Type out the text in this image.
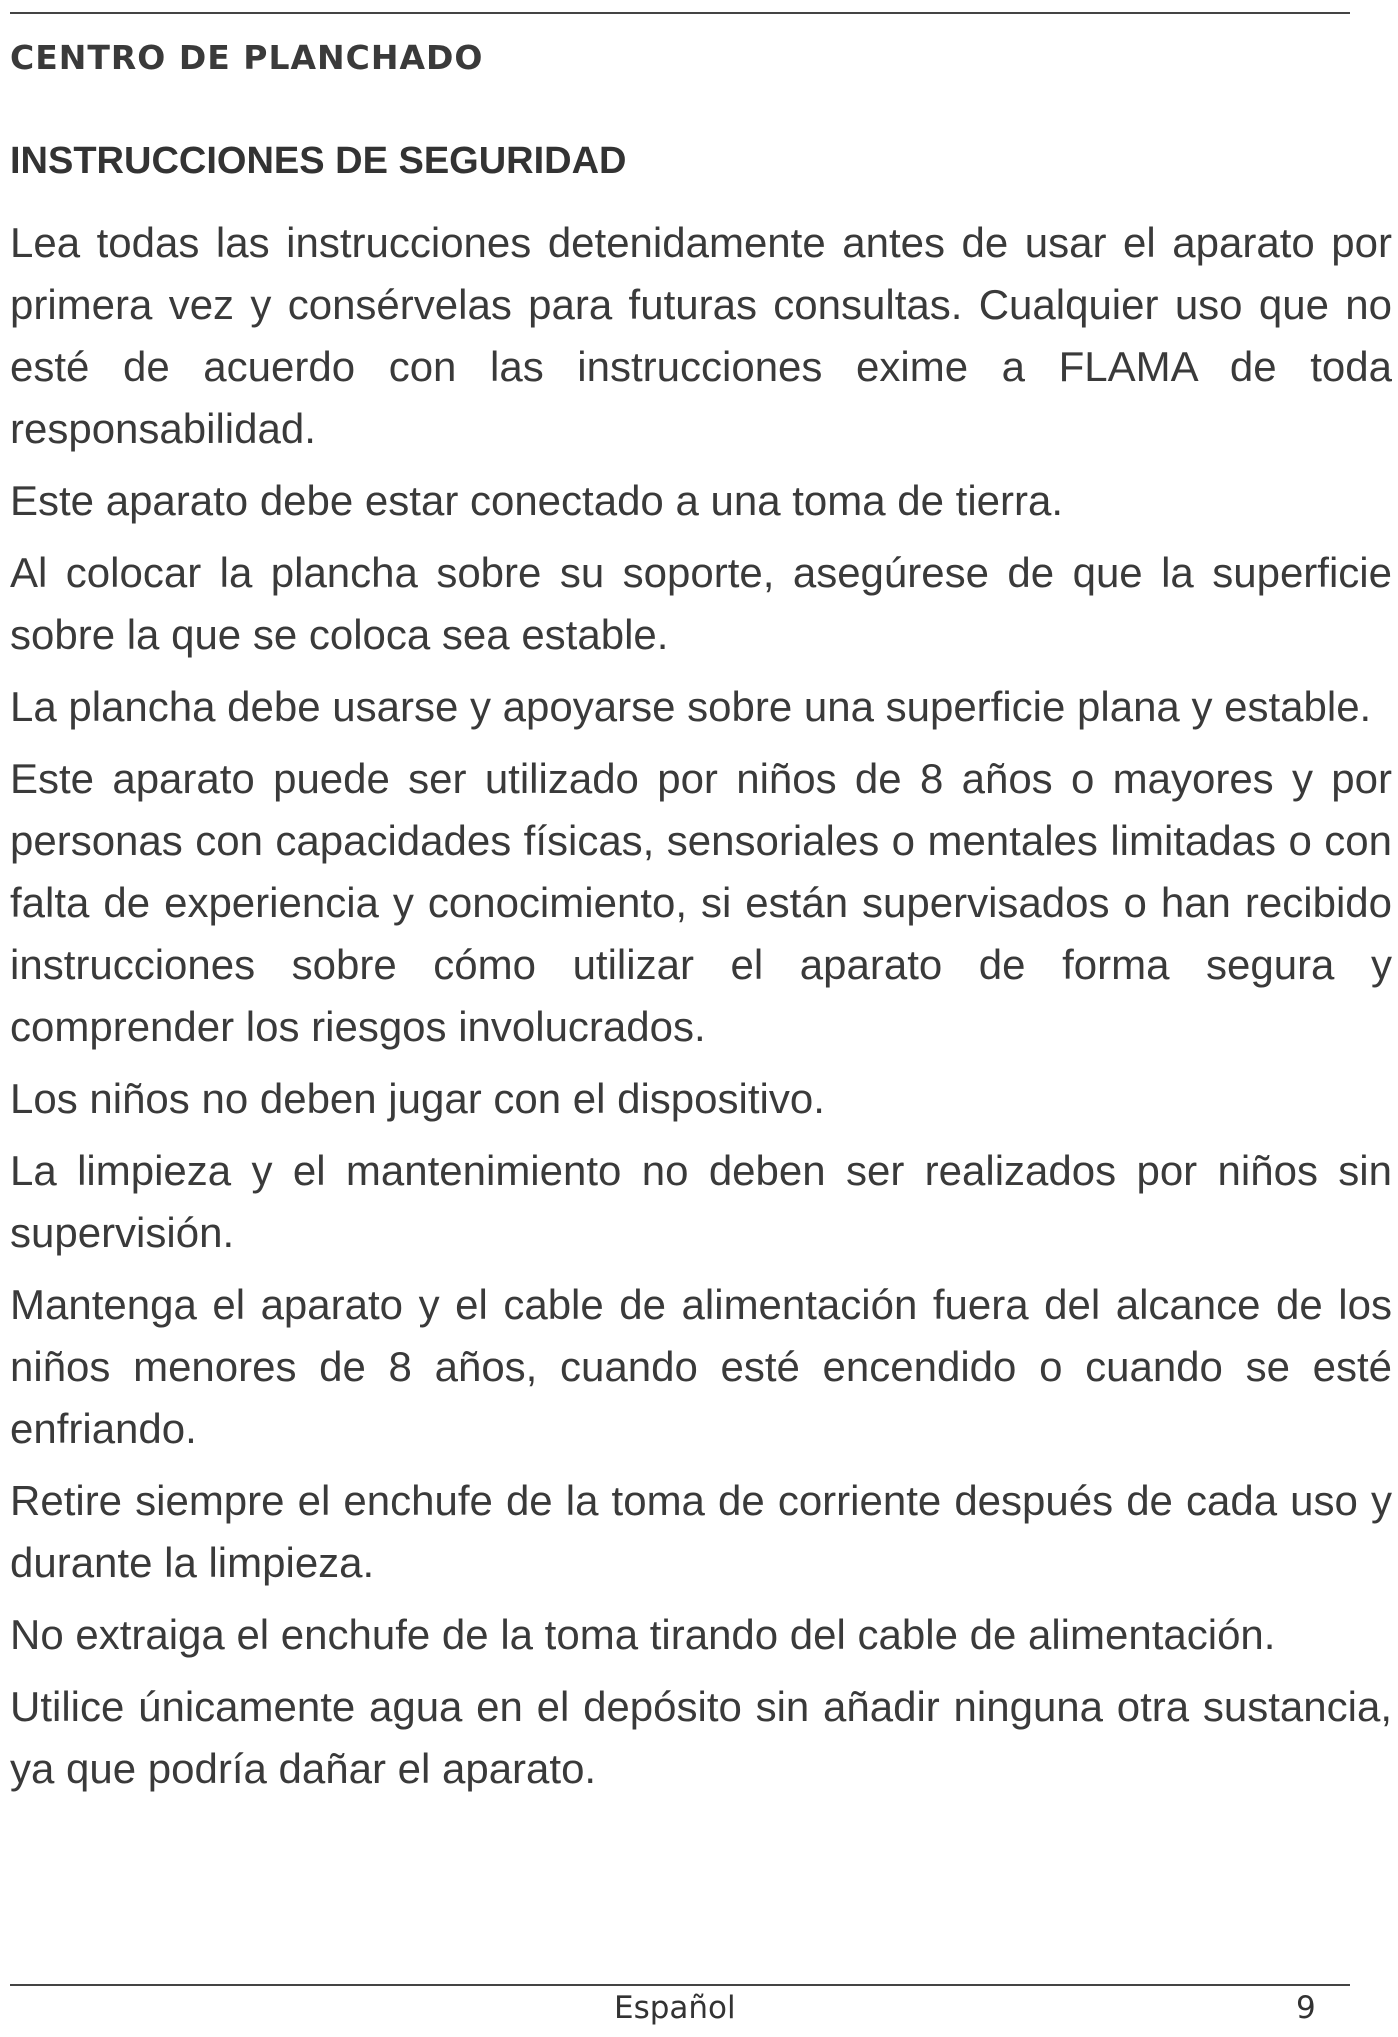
CENTRO DE PLANCHADO
INSTRUCCIONES DE SEGURIDAD

Lea todas las instrucciones detenidamente antes de usar el aparato por primera vez y consérvelas para futuras consultas. Cualquier uso que no esté de acuerdo con las instrucciones exime a FLAMA de toda responsabilidad.

Este aparato debe estar conectado a una toma de tierra.

Al colocar la plancha sobre su soporte, asegúrese de que la superficie sobre la que se coloca sea estable.

La plancha debe usarse y apoyarse sobre una superficie plana y estable.

Este aparato puede ser utilizado por niños de 8 años o mayores y por personas con capacidades físicas, sensoriales o mentales limitadas o con falta de experiencia y conocimiento, si están supervisados o han recibido instrucciones sobre cómo utilizar el aparato de forma segura y comprender los riesgos involucrados.

Los niños no deben jugar con el dispositivo.

La limpieza y el mantenimiento no deben ser realizados por niños sin supervisión.

Mantenga el aparato y el cable de alimentación fuera del alcance de los niños menores de 8 años, cuando esté encendido o cuando se esté enfriando.

Retire siempre el enchufe de la toma de corriente después de cada uso y durante la limpieza.

No extraiga el enchufe de la toma tirando del cable de alimentación.

Utilice únicamente agua en el depósito sin añadir ninguna otra sustancia, ya que podría dañar el aparato.

Español	9
